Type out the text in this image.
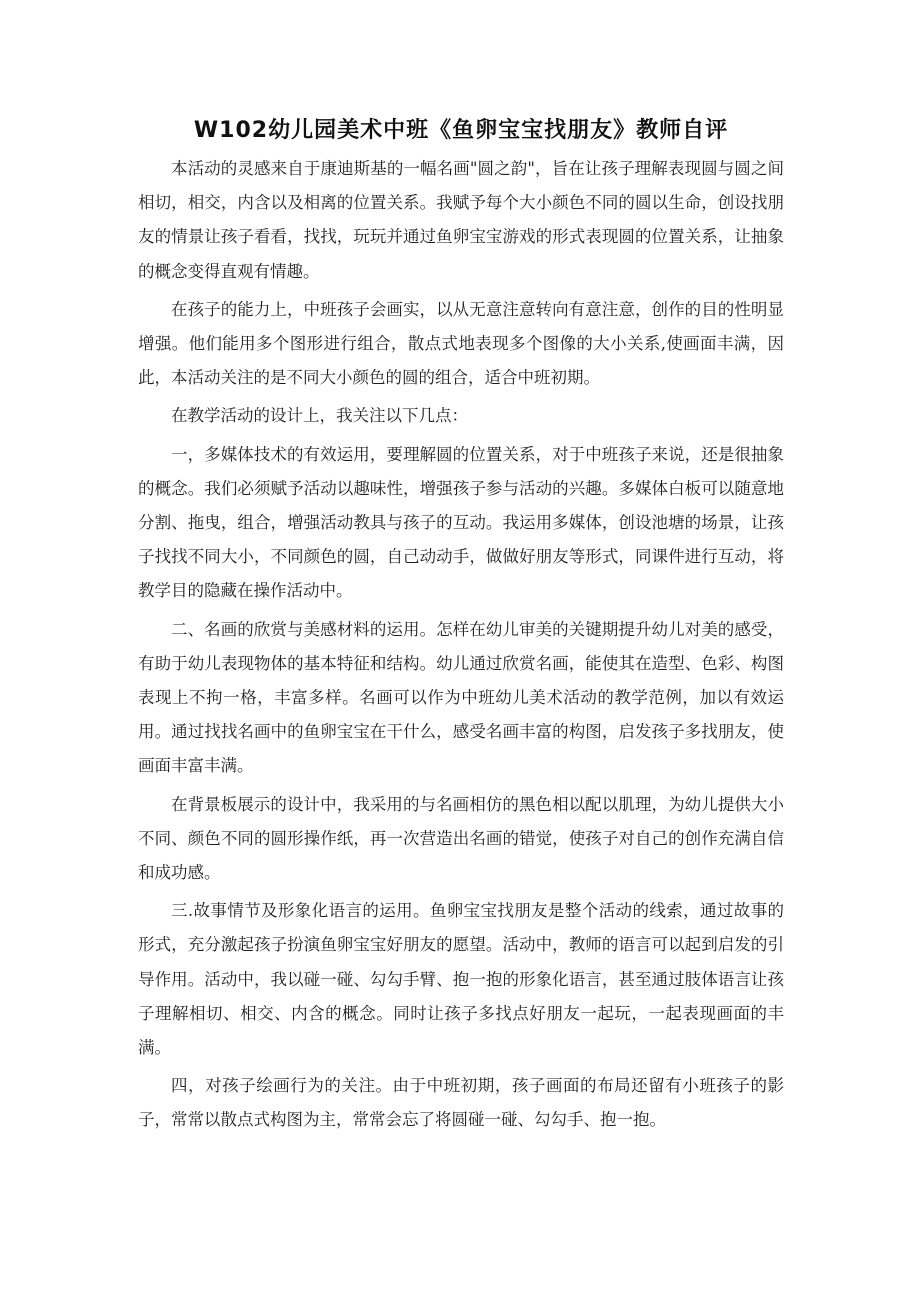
W102幼儿园美术中班《鱼卵宝宝找朋友》教师自评

本活动的灵感来自于康迪斯基的一幅名画"圆之韵"，旨在让孩子理解表现圆与圆之间相切，相交，内含以及相离的位置关系。我赋予每个大小颜色不同的圆以生命，创设找朋友的情景让孩子看看，找找，玩玩并通过鱼卵宝宝游戏的形式表现圆的位置关系，让抽象的概念变得直观有情趣。

在孩子的能力上，中班孩子会画实，以从无意注意转向有意注意，创作的目的性明显增强。他们能用多个图形进行组合，散点式地表现多个图像的大小关系,使画面丰满，因此，本活动关注的是不同大小颜色的圆的组合，适合中班初期。

在教学活动的设计上，我关注以下几点：

一，多媒体技术的有效运用，要理解圆的位置关系，对于中班孩子来说，还是很抽象的概念。我们必须赋予活动以趣味性，增强孩子参与活动的兴趣。多媒体白板可以随意地分割、拖曳，组合，增强活动教具与孩子的互动。我运用多媒体，创设池塘的场景，让孩子找找不同大小，不同颜色的圆，自己动动手，做做好朋友等形式，同课件进行互动，将教学目的隐藏在操作活动中。

二、名画的欣赏与美感材料的运用。怎样在幼儿审美的关键期提升幼儿对美的感受，有助于幼儿表现物体的基本特征和结构。幼儿通过欣赏名画，能使其在造型、色彩、构图表现上不拘一格，丰富多样。名画可以作为中班幼儿美术活动的教学范例，加以有效运用。通过找找名画中的鱼卵宝宝在干什么，感受名画丰富的构图，启发孩子多找朋友，使画面丰富丰满。

在背景板展示的设计中，我采用的与名画相仿的黑色相以配以肌理，为幼儿提供大小不同、颜色不同的圆形操作纸，再一次营造出名画的错觉，使孩子对自己的创作充满自信和成功感。

三.故事情节及形象化语言的运用。鱼卵宝宝找朋友是整个活动的线索，通过故事的形式，充分激起孩子扮演鱼卵宝宝好朋友的愿望。活动中，教师的语言可以起到启发的引导作用。活动中，我以碰一碰、勾勾手臂、抱一抱的形象化语言，甚至通过肢体语言让孩子理解相切、相交、内含的概念。同时让孩子多找点好朋友一起玩，一起表现画面的丰满。

四，对孩子绘画行为的关注。由于中班初期，孩子画面的布局还留有小班孩子的影子，常常以散点式构图为主，常常会忘了将圆碰一碰、勾勾手、抱一抱。
